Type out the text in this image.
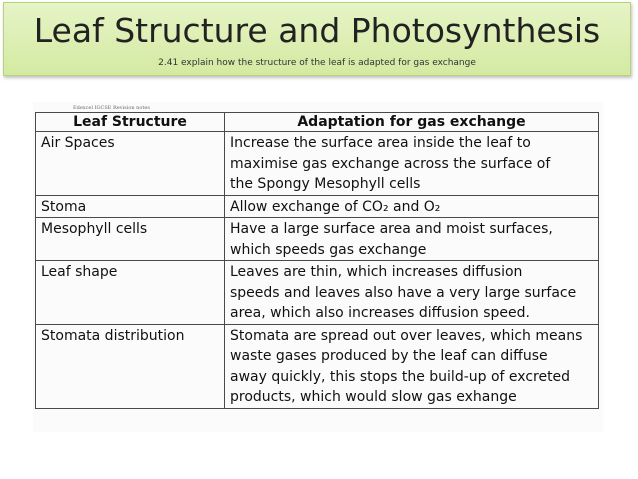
Leaf Structure and Photosynthesis
2.41 explain how the structure of the leaf is adapted for gas exchange
Edexcel IGCSE Revision notes
Leaf Structure	Adaptation for gas exchange
Air Spaces	Increase the surface area inside the leaf to
maximise gas exchange across the surface of
the Spongy Mesophyll cells
Stoma	Allow exchange of CO₂ and O₂
Mesophyll cells	Have a large surface area and moist surfaces,
which speeds gas exchange
Leaf shape	Leaves are thin, which increases diffusion
speeds and leaves also have a very large surface
area, which also increases diffusion speed.
Stomata distribution	Stomata are spread out over leaves, which means
waste gases produced by the leaf can diffuse
away quickly, this stops the build-up of excreted
products, which would slow gas exhange
